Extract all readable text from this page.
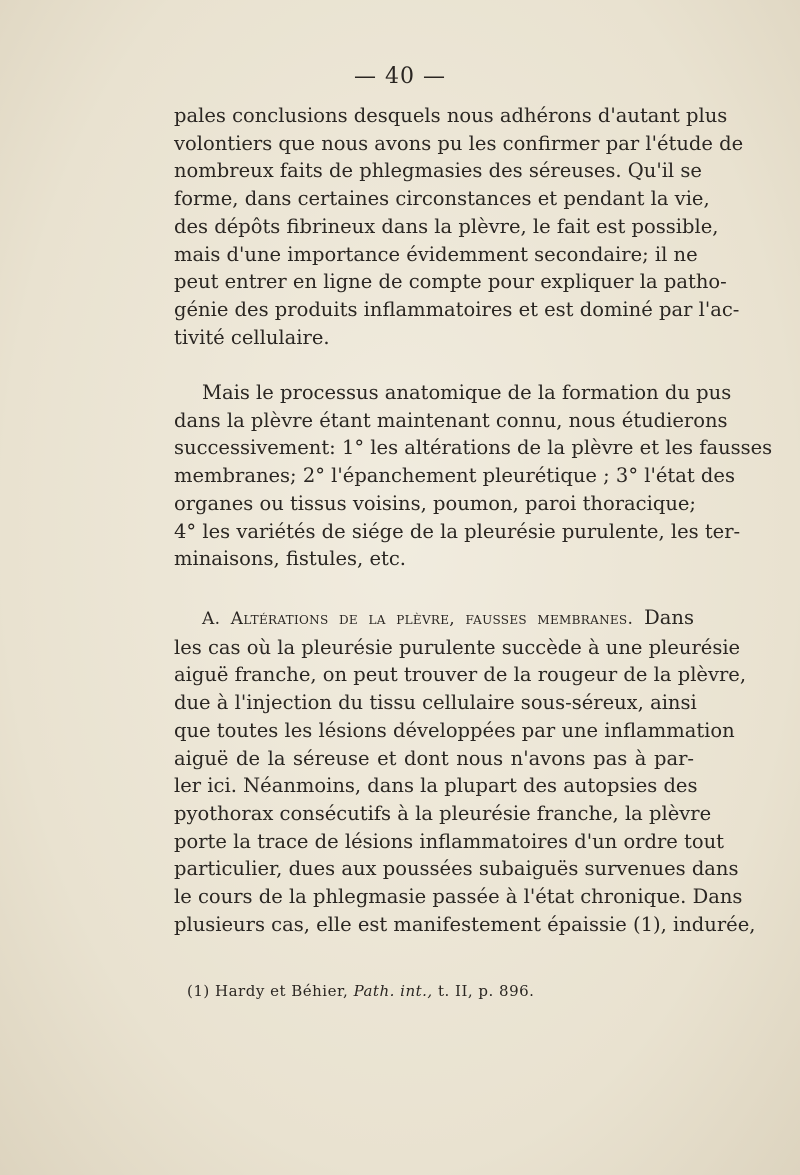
— 40 —
pales conclusions desquels nous adhérons d'autant plus
volontiers que nous avons pu les confirmer par l'étude de
nombreux faits de phlegmasies des séreuses. Qu'il se
forme, dans certaines circonstances et pendant la vie,
des dépôts fibrineux dans la plèvre, le fait est possible,
mais d'une importance évidemment secondaire; il ne
peut entrer en ligne de compte pour expliquer la patho-
génie des produits inflammatoires et est dominé par l'ac-
tivité cellulaire.
Mais le processus anatomique de la formation du pus
dans la plèvre étant maintenant connu, nous étudierons
successivement: 1° les altérations de la plèvre et les fausses
membranes; 2° l'épanchement pleurétique ; 3° l'état des
organes ou tissus voisins, poumon, paroi thoracique;
4° les variétés de siége de la pleurésie purulente, les ter-
minaisons, fistules, etc.
A. Altérations de la plèvre, fausses membranes. Dans
les cas où la pleurésie purulente succède à une pleurésie
aiguë franche, on peut trouver de la rougeur de la plèvre,
due à l'injection du tissu cellulaire sous-séreux, ainsi
que toutes les lésions développées par une inflammation
aiguë de la séreuse et dont nous n'avons pas à par-
ler ici. Néanmoins, dans la plupart des autopsies des
pyothorax consécutifs à la pleurésie franche, la plèvre
porte la trace de lésions inflammatoires d'un ordre tout
particulier, dues aux poussées subaiguës survenues dans
le cours de la phlegmasie passée à l'état chronique. Dans
plusieurs cas, elle est manifestement épaissie (1), indurée,
(1) Hardy et Béhier, Path. int., t. II, p. 896.
